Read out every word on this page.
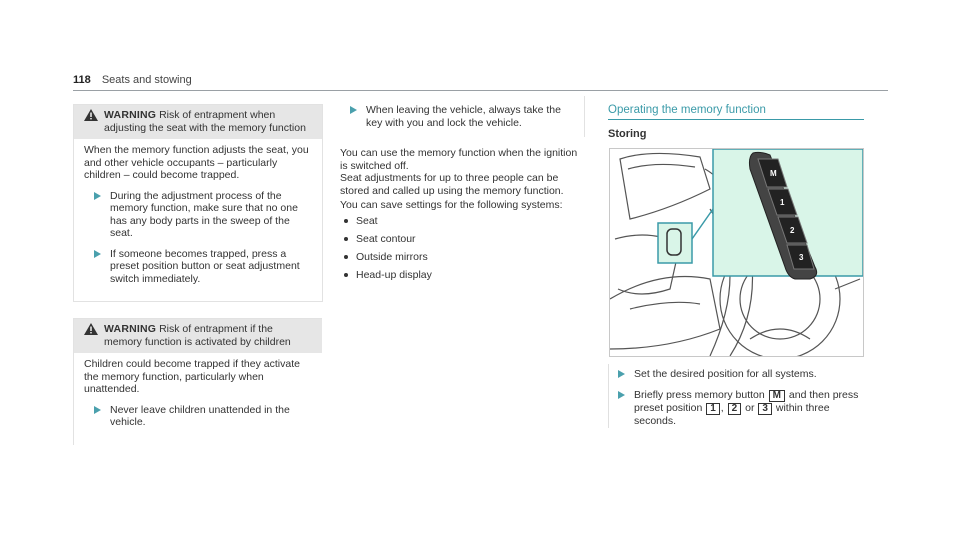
118 Seats and stowing
WARNING Risk of entrapment when adjusting the seat with the memory function

When the memory function adjusts the seat, you and other vehicle occupants – particularly children – could become trapped.

During the adjustment process of the memory function, make sure that no one has any body parts in the sweep of the seat.
If someone becomes trapped, press a preset position button or seat adjustment switch immediately.
WARNING Risk of entrapment if the memory function is activated by children

Children could become trapped if they activate the memory function, particularly when unattended.

Never leave children unattended in the vehicle.
When leaving the vehicle, always take the key with you and lock the vehicle.

You can use the memory function when the ignition is switched off.

Seat adjustments for up to three people can be stored and called up using the memory function.

You can save settings for the following systems:

Seat
Seat contour
Outside mirrors
Head-up display
Operating the memory function
Storing
M
1
2
3
Set the desired position for all systems.
Briefly press memory button M and then press preset position 1 , 2 or 3 within three seconds.
